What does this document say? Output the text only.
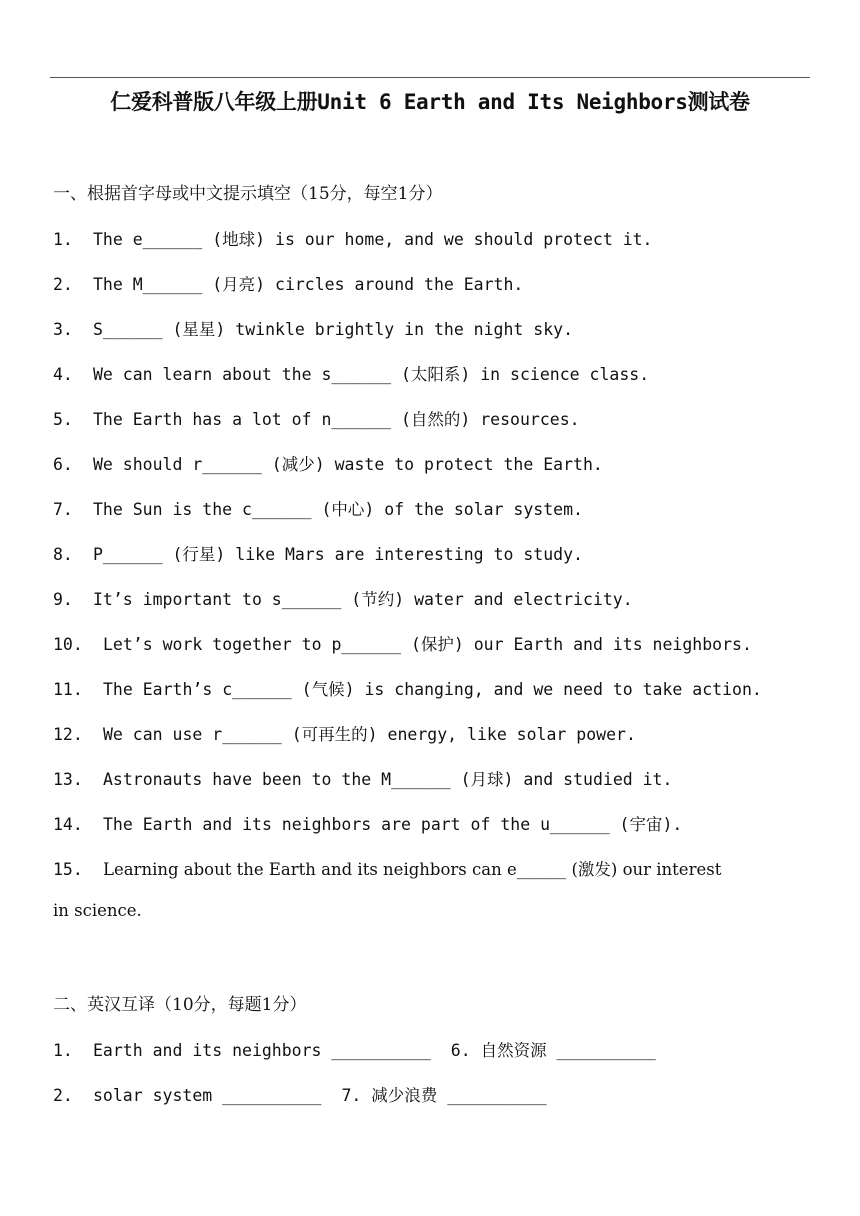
仁爱科普版八年级上册Unit 6 Earth and Its Neighbors测试卷
一、根据首字母或中文提示填空（15分，每空1分）
1. The e______ (地球) is our home, and we should protect it.
2. The M______ (月亮) circles around the Earth.
3. S______ (星星) twinkle brightly in the night sky.
4. We can learn about the s______ (太阳系) in science class.
5. The Earth has a lot of n______ (自然的) resources.
6. We should r______ (减少) waste to protect the Earth.
7. The Sun is the c______ (中心) of the solar system.
8. P______ (行星) like Mars are interesting to study.
9. It’s important to s______ (节约) water and electricity.
10. Let’s work together to p______ (保护) our Earth and its neighbors.
11. The Earth’s c______ (气候) is changing, and we need to take action.
12. We can use r______ (可再生的) energy, like solar power.
13. Astronauts have been to the M______ (月球) and studied it.
14. The Earth and its neighbors are part of the u______ (宇宙).
15. Learning about the Earth and its neighbors can e______ (激发) our interest
in science.
二、英汉互译（10分，每题1分）
1. Earth and its neighbors __________ 6. 自然资源 __________
2. solar system __________ 7. 减少浪费 __________
